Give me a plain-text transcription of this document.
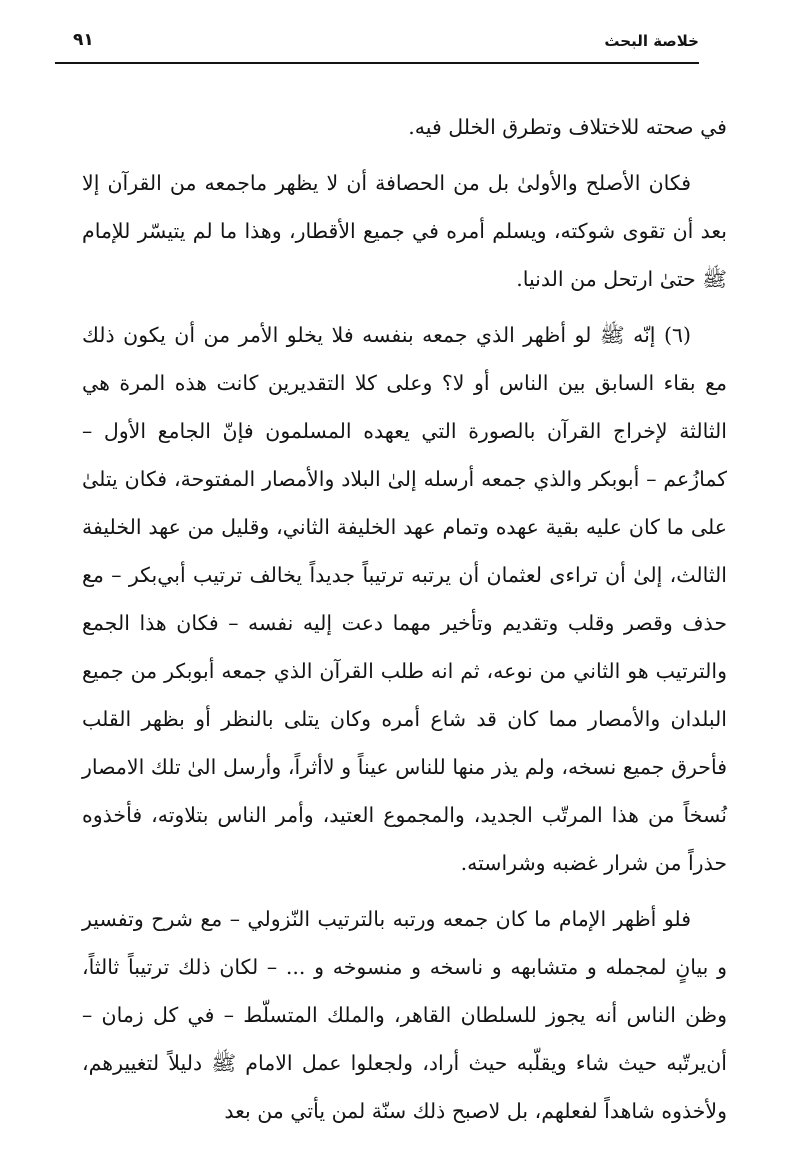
خلاصة البحث
٩١

في صحته للاختلاف وتطرق الخلل فيه.

فكان الأصلح والأولىٰ بل من الحصافة أن لا يظهر ماجمعه من القرآن إلا بعد أن تقوى شوكته، ويسلم أمره في جميع الأقطار، وهذا ما لم يتيسّر للإمام ﷺ حتىٰ ارتحل من الدنيا.

(٦) إنّه ﷺ لو أظهر الذي جمعه بنفسه فلا يخلو الأمر من أن يكون ذلك مع بقاء السابق بين الناس أو لا؟ وعلى كلا التقديرين كانت هذه المرة هي الثالثة لإخراج القرآن بالصورة التي يعهده المسلمون فإنّ الجامع الأول – كمازُعم – أبوبكر والذي جمعه أرسله إلىٰ البلاد والأمصار المفتوحة، فكان يتلىٰ على ما كان عليه بقية عهده وتمام عهد الخليفة الثاني، وقليل من عهد الخليفة الثالث، إلىٰ أن تراءى لعثمان أن يرتبه ترتيباً جديداً يخالف ترتيب أبي‌بكر – مع حذف وقصر وقلب وتقديم وتأخير مهما دعت إليه نفسه – فكان هذا الجمع والترتيب هو الثاني من نوعه، ثم انه طلب القرآن الذي جمعه أبوبكر من جميع البلدان والأمصار مما كان قد شاع أمره وكان يتلى بالنظر أو بظهر القلب فأحرق جميع نسخه، ولم يذر منها للناس عيناً و لاأثراً، وأرسل الىٰ تلك الامصار نُسخاً من هذا المرتّب الجديد، والمجموع العتيد، وأمر الناس بتلاوته، فأخذوه حذراً من شرار غضبه وشراسته.

فلو أظهر الإمام ما كان جمعه ورتبه بالترتيب النّزولي – مع شرح وتفسير و بيانٍ لمجمله و متشابهه و ناسخه و منسوخه و ... – لكان ذلك ترتيباً ثالثاً، وظن الناس أنه يجوز للسلطان القاهر، والملك المتسلّط – في كل زمان – أن‌يرتّبه حيث شاء ويقلّبه حيث أراد، ولجعلوا عمل الامام ﷺ دليلاً لتغييرهم، ولأخذوه شاهداً لفعلهم، بل لاصبح ذلك سنّة لمن يأتي من بعد
